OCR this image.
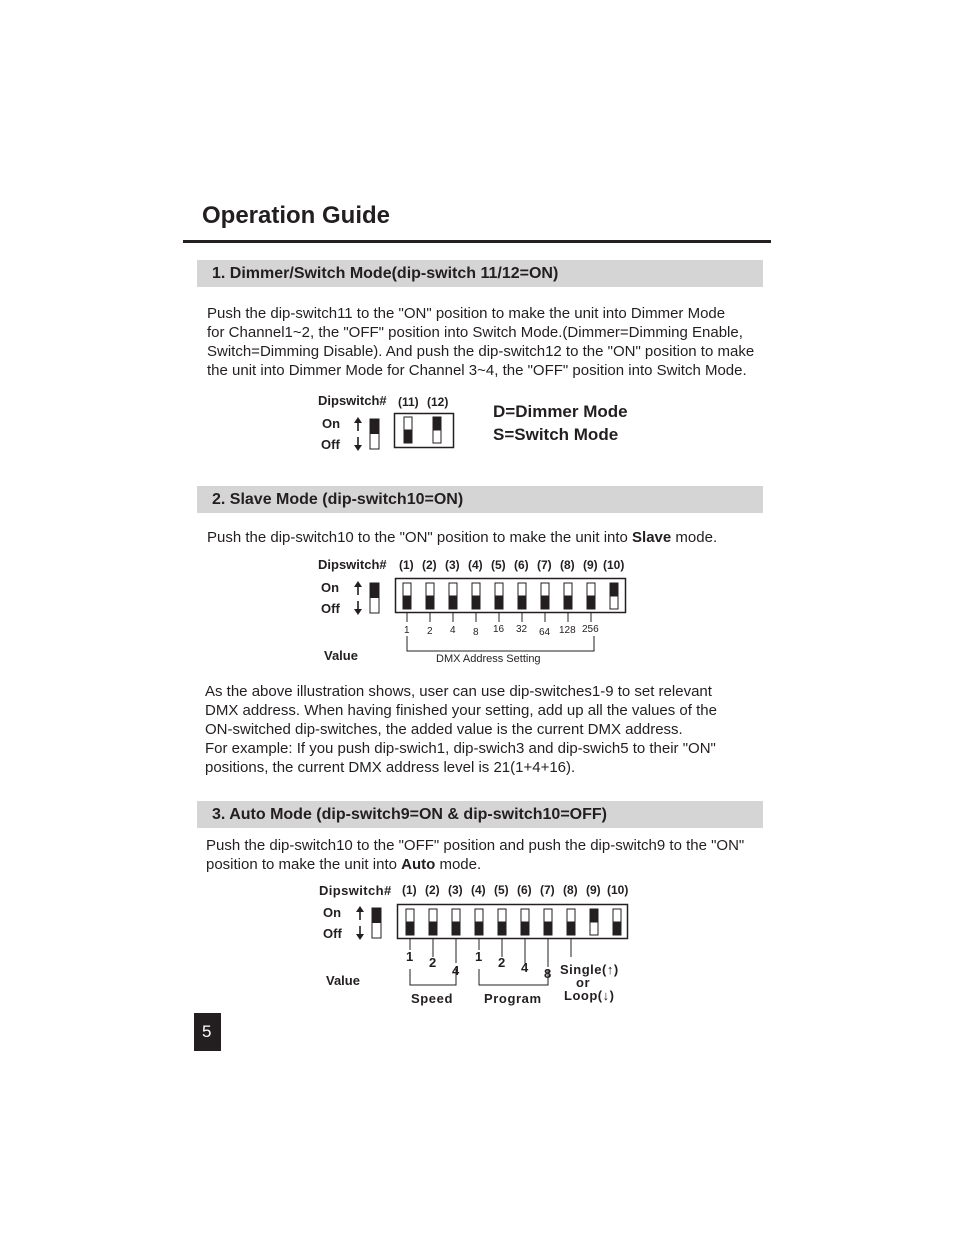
Operation Guide
1. Dimmer/Switch Mode(dip-switch 11/12=ON)
Push the dip-switch11 to the "ON" position to make the unit into Dimmer Mode
for Channel1~2, the "OFF" position into Switch Mode.(Dimmer=Dimming Enable,
Switch=Dimming Disable). And push the dip-switch12 to the "ON" position to make
the unit into Dimmer Mode for Channel 3~4, the "OFF" position into Switch Mode.
Dipswitch# (11) (12)
On
Off
D=Dimmer Mode
S=Switch Mode
2. Slave Mode (dip-switch10=ON)
Push the dip-switch10 to the "ON" position to make the unit into Slave mode.
Dipswitch#
On
Off
Value	DMX Address Setting
(1) (2) (3) (4) (5) (6) (7) (8) (9) (10)
1 2 4 8 16 32 64 128 256
As the above illustration shows, user can use dip-switches1-9 to set relevant
DMX address. When having finished your setting, add up all the values of the
ON-switched dip-switches, the added value is the current DMX address.
For example: If you push dip-swich1, dip-swich3 and dip-swich5 to their "ON"
positions, the current DMX address level is 21(1+4+16).
3. Auto Mode (dip-switch9=ON & dip-switch10=OFF)
Push the dip-switch10 to the "OFF" position and push the dip-switch9 to the "ON"
position to make the unit into Auto mode.
Dipswitch#
On
Off
Value
Speed Program
Single(↑)
or
Loop(↓)
(1) (2) (3) (4) (5) (6) (7) (8) (9) (10)
1 2
4
1 2 4 8
5
